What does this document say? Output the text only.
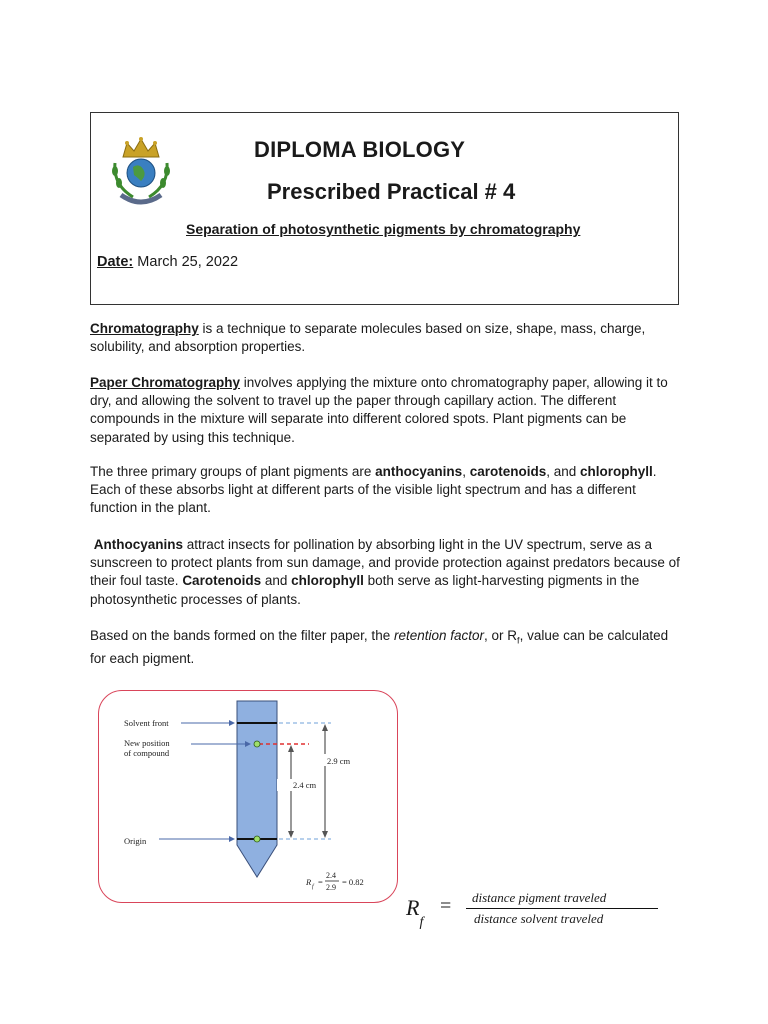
DIPLOMA BIOLOGY
Prescribed Practical # 4
Separation of photosynthetic pigments by chromatography
Date: March 25, 2022
Chromatography is a technique to separate molecules based on size, shape, mass, charge, solubility, and absorption properties.
Paper Chromatography involves applying the mixture onto chromatography paper, allowing it to dry, and allowing the solvent to travel up the paper through capillary action. The different compounds in the mixture will separate into different colored spots. Plant pigments can be separated by using this technique.
The three primary groups of plant pigments are anthocyanins, carotenoids, and chlorophyll. Each of these absorbs light at different parts of the visible light spectrum and has a different function in the plant.
Anthocyanins attract insects for pollination by absorbing light in the UV spectrum, serve as a sunscreen to protect plants from sun damage, and provide protection against predators because of their foul taste. Carotenoids and chlorophyll both serve as light-harvesting pigments in the photosynthetic processes of plants.
Based on the bands formed on the filter paper, the retention factor, or $R_f$, value can be calculated for each pigment.
Solvent front
New position
of compound
Origin
2.9 cm
2.4 cm
R f =
2.4
2.9
= 0.82
$R_f$
= distance pigment traveled
distance solvent traveled
